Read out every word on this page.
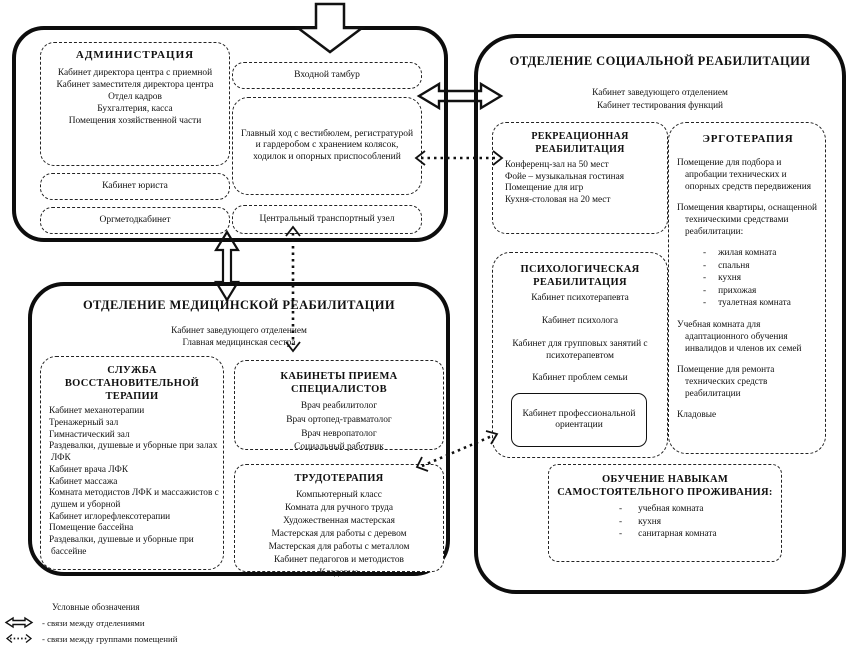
АДМИНИСТРАЦИЯ
Кабинет директора центра с приемной
Кабинет заместителя директора центра
Отдел кадров
Бухгалтерия, касса
Помещения хозяйственной части
Кабинет юриста
Оргметодкабинет
Входной тамбур
Главный ход с вестибюлем, регистратурой и гардеробом с хранением колясок, ходилок и опорных приспособлений
Центральный транспортный узел
ОТДЕЛЕНИЕ СОЦИАЛЬНОЙ РЕАБИЛИТАЦИИ
Кабинет заведующего отделением
Кабинет тестирования функций
РЕКРЕАЦИОННАЯ РЕАБИЛИТАЦИЯ
Конференц-зал на 50 мест
Фойе – музыкальная гостиная
Помещение для игр
Кухня-столовая на 20 мест
ПСИХОЛОГИЧЕСКАЯ РЕАБИЛИТАЦИЯ
Кабинет психотерапевта
Кабинет психолога
Кабинет для групповых занятий с психотерапевтом
Кабинет проблем семьи
Кабинет профессиональной ориентации
ЭРГОТЕРАПИЯ
Помещение для подбора и апробации технических и опорных средств передвижения
Помещения квартиры, оснащенной техническими средствами реабилитации:
- жилая комната
- спальня
- кухня
- прихожая
- туалетная комната
Учебная комната для адаптационного обучения инвалидов и членов их семей
Помещение для ремонта технических средств реабилитации
Кладовые
ОБУЧЕНИЕ НАВЫКАМ САМОСТОЯТЕЛЬНОГО ПРОЖИВАНИЯ:
- учебная комната
- кухня
- санитарная комната
ОТДЕЛЕНИЕ МЕДИЦИНСКОЙ РЕАБИЛИТАЦИИ
Кабинет заведующего отделением
Главная медицинская сестра
СЛУЖБА ВОССТАНОВИТЕЛЬНОЙ ТЕРАПИИ
Кабинет механотерапии
Тренажерный зал
Гимнастический зал
Раздевалки, душевые и уборные при залах ЛФК
Кабинет врача ЛФК
Кабинет массажа
Комната методистов ЛФК и массажистов с душем и уборной
Кабинет иглорефлексотерапии
Помещение бассейна
Раздевалки, душевые и уборные при бассейне
КАБИНЕТЫ ПРИЕМА СПЕЦИАЛИСТОВ
Врач реабилитолог
Врач ортопед-травматолог
Врач невропатолог
Социальный работник
ТРУДОТЕРАПИЯ
Компьютерный класс
Комната для ручного труда
Художественная мастерская
Мастерская для работы с деревом
Мастерская для работы с металлом
Кабинет педагогов и методистов
Кладовые
Условные обозначения
- связи между отделениями
- связи между группами помещений
